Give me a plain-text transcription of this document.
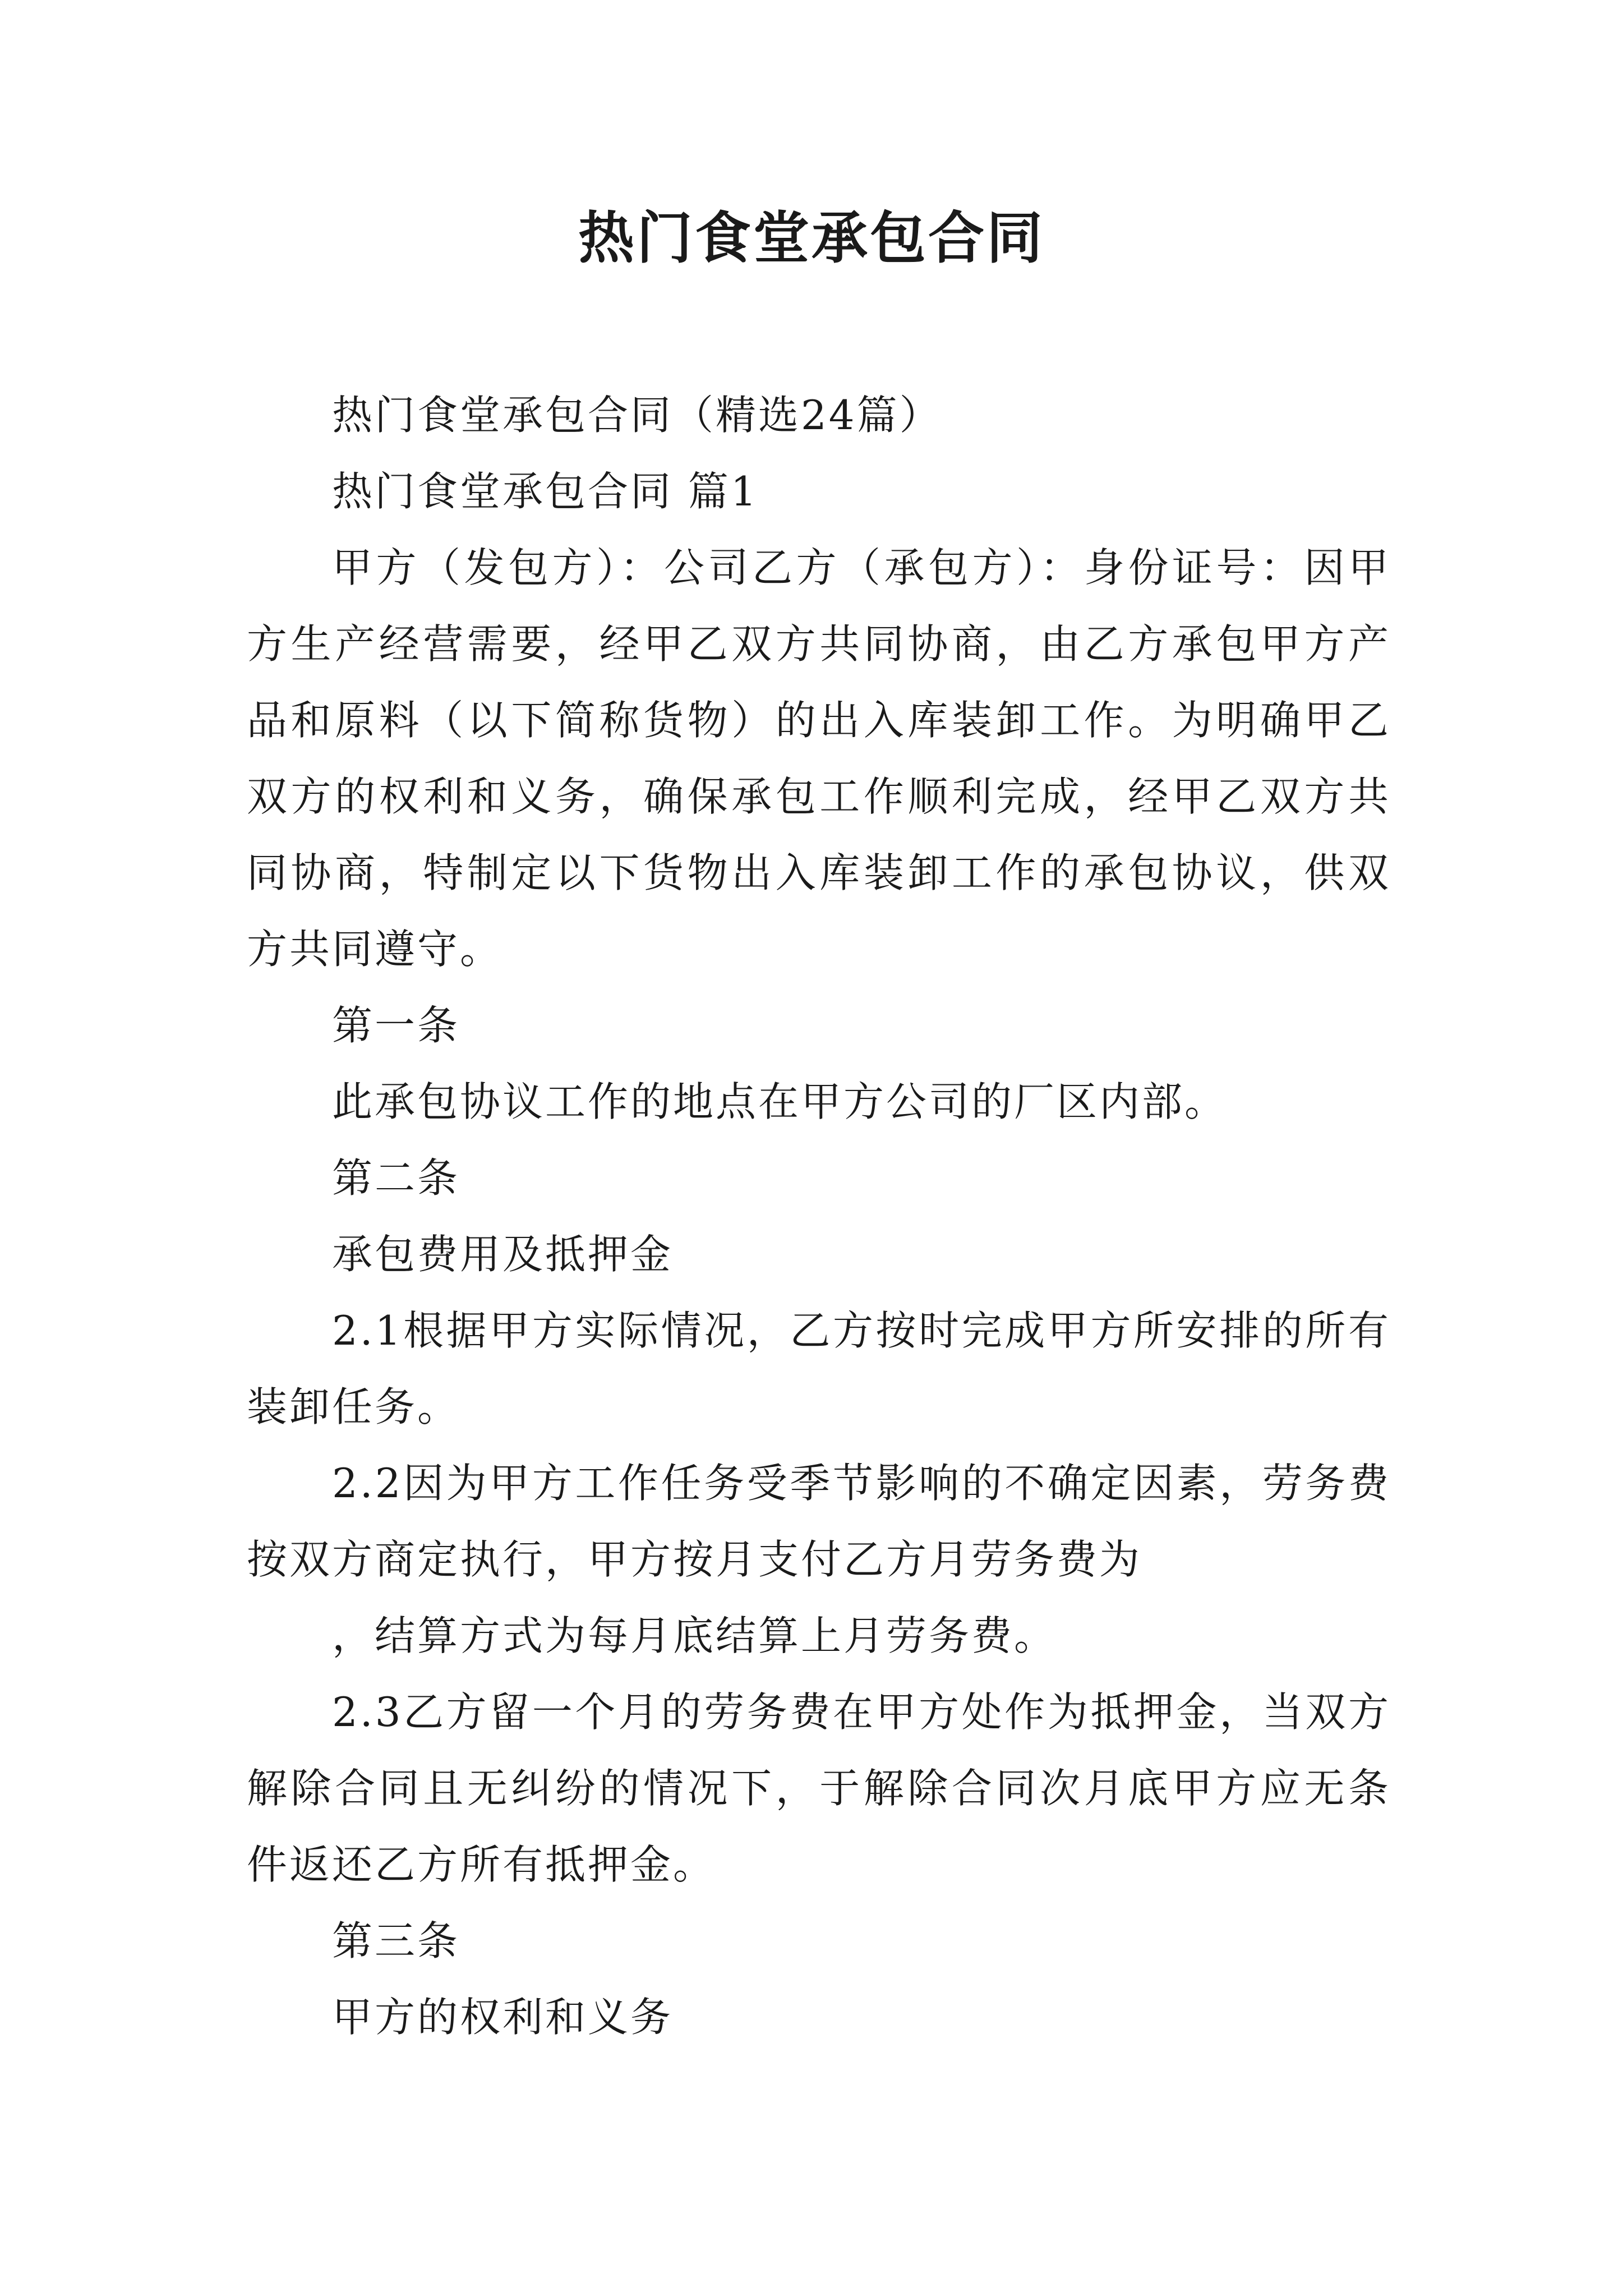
热门食堂承包合同

热门食堂承包合同（精选24篇）

热门食堂承包合同 篇1

甲方（发包方）：公司乙方（承包方）：身份证号：因甲方生产经营需要，经甲乙双方共同协商，由乙方承包甲方产品和原料（以下简称货物）的出入库装卸工作。为明确甲乙双方的权利和义务，确保承包工作顺利完成，经甲乙双方共同协商，特制定以下货物出入库装卸工作的承包协议，供双方共同遵守。

第一条

此承包协议工作的地点在甲方公司的厂区内部。

第二条

承包费用及抵押金

2.1根据甲方实际情况，乙方按时完成甲方所安排的所有装卸任务。

2.2因为甲方工作任务受季节影响的不确定因素，劳务费按双方商定执行，甲方按月支付乙方月劳务费为

，结算方式为每月底结算上月劳务费。

2.3乙方留一个月的劳务费在甲方处作为抵押金，当双方解除合同且无纠纷的情况下，于解除合同次月底甲方应无条件返还乙方所有抵押金。

第三条

甲方的权利和义务
